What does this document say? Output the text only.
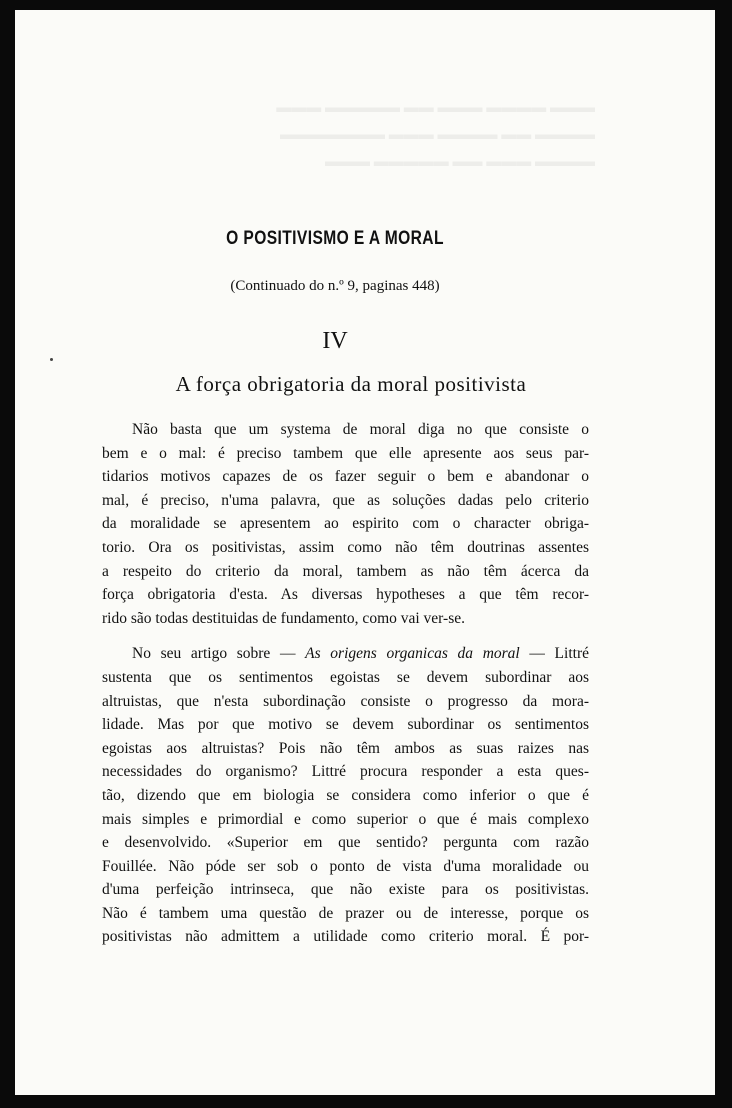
▬▬▬ ▬▬▬▬ ▬▬▬ ▬▬ ▬▬▬▬▬ ▬▬▬
▬▬▬▬ ▬▬ ▬▬▬▬ ▬▬▬ ▬▬▬▬▬▬▬
▬▬▬▬ ▬▬▬ ▬▬ ▬▬▬▬▬ ▬▬▬
O POSITIVISMO E A MORAL
(Continuado do n.º 9, paginas 448)
IV
A força obrigatoria da moral positivista
Não basta que um systema de moral diga no que consiste o
bem e o mal: é preciso tambem que elle apresente aos seus par-
tidarios motivos capazes de os fazer seguir o bem e abandonar o
mal, é preciso, n'uma palavra, que as soluções dadas pelo criterio
da moralidade se apresentem ao espirito com o character obriga-
torio. Ora os positivistas, assim como não têm doutrinas assentes
a respeito do criterio da moral, tambem as não têm ácerca da
força obrigatoria d'esta. As diversas hypotheses a que têm recor-
rido são todas destituidas de fundamento, como vai ver-se.
No seu artigo sobre — As origens organicas da moral — Littré
sustenta que os sentimentos egoistas se devem subordinar aos
altruistas, que n'esta subordinação consiste o progresso da mora-
lidade. Mas por que motivo se devem subordinar os sentimentos
egoistas aos altruistas? Pois não têm ambos as suas raizes nas
necessidades do organismo? Littré procura responder a esta ques-
tão, dizendo que em biologia se considera como inferior o que é
mais simples e primordial e como superior o que é mais complexo
e desenvolvido. «Superior em que sentido? pergunta com razão
Fouillée. Não póde ser sob o ponto de vista d'uma moralidade ou
d'uma perfeição intrinseca, que não existe para os positivistas.
Não é tambem uma questão de prazer ou de interesse, porque os
positivistas não admittem a utilidade como criterio moral. É por-
